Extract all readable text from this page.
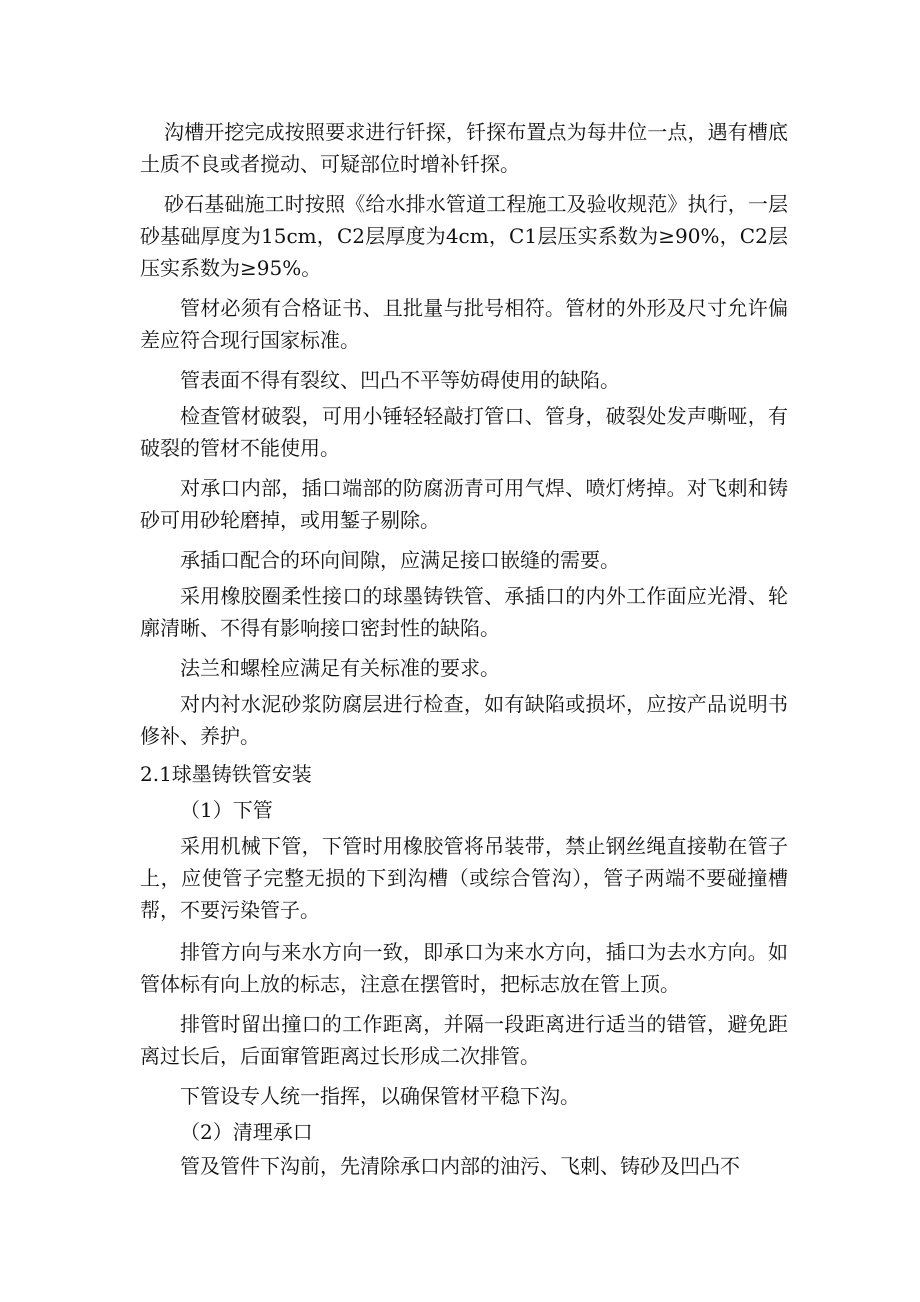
沟槽开挖完成按照要求进行钎探，钎探布置点为每井位一点，遇有槽底土质不良或者搅动、可疑部位时增补钎探。

砂石基础施工时按照《给水排水管道工程施工及验收规范》执行，一层砂基础厚度为15cm，C2层厚度为4cm，C1层压实系数为≥90%，C2层压实系数为≥95%。

管材必须有合格证书、且批量与批号相符。管材的外形及尺寸允许偏差应符合现行国家标准。

管表面不得有裂纹、凹凸不平等妨碍使用的缺陷。

检查管材破裂，可用小锤轻轻敲打管口、管身，破裂处发声嘶哑，有破裂的管材不能使用。

对承口内部，插口端部的防腐沥青可用气焊、喷灯烤掉。对飞刺和铸砂可用砂轮磨掉，或用錾子剔除。

承插口配合的环向间隙，应满足接口嵌缝的需要。

采用橡胶圈柔性接口的球墨铸铁管、承插口的内外工作面应光滑、轮廓清晰、不得有影响接口密封性的缺陷。

法兰和螺栓应满足有关标准的要求。

对内衬水泥砂浆防腐层进行检查，如有缺陷或损坏，应按产品说明书修补、养护。

2.1球墨铸铁管安装

（1）下管

采用机械下管，下管时用橡胶管将吊装带，禁止钢丝绳直接勒在管子上，应使管子完整无损的下到沟槽（或综合管沟），管子两端不要碰撞槽帮，不要污染管子。

排管方向与来水方向一致，即承口为来水方向，插口为去水方向。如管体标有向上放的标志，注意在摆管时，把标志放在管上顶。

排管时留出撞口的工作距离，并隔一段距离进行适当的错管，避免距离过长后，后面窜管距离过长形成二次排管。

下管设专人统一指挥，以确保管材平稳下沟。

（2）清理承口

管及管件下沟前，先清除承口内部的油污、飞刺、铸砂及凹凸不
